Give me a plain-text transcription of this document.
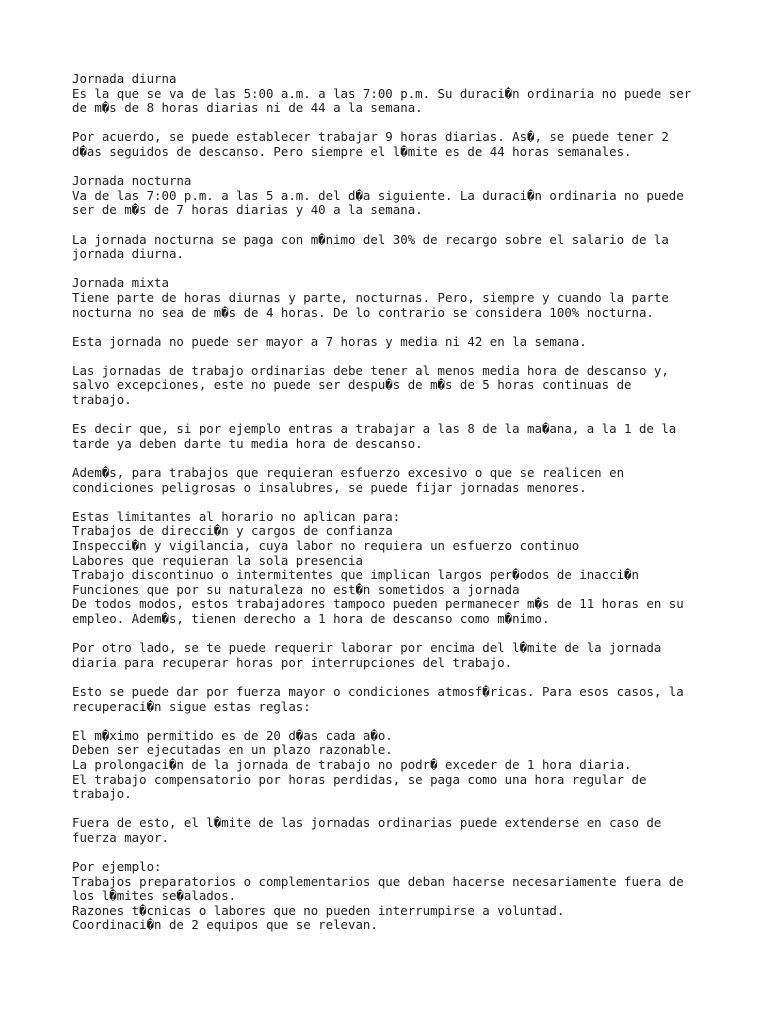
Jornada diurna
Es la que se va de las 5:00 a.m. a las 7:00 p.m. Su duraci�n ordinaria no puede ser
de m�s de 8 horas diarias ni de 44 a la semana.
Por acuerdo, se puede establecer trabajar 9 horas diarias. As�, se puede tener 2
d�as seguidos de descanso. Pero siempre el l�mite es de 44 horas semanales.
Jornada nocturna
Va de las 7:00 p.m. a las 5 a.m. del d�a siguiente. La duraci�n ordinaria no puede
ser de m�s de 7 horas diarias y 40 a la semana.
La jornada nocturna se paga con m�nimo del 30% de recargo sobre el salario de la
jornada diurna.
Jornada mixta
Tiene parte de horas diurnas y parte, nocturnas. Pero, siempre y cuando la parte
nocturna no sea de m�s de 4 horas. De lo contrario se considera 100% nocturna.
Esta jornada no puede ser mayor a 7 horas y media ni 42 en la semana.
Las jornadas de trabajo ordinarias debe tener al menos media hora de descanso y,
salvo excepciones, este no puede ser despu�s de m�s de 5 horas continuas de
trabajo.
Es decir que, si por ejemplo entras a trabajar a las 8 de la ma�ana, a la 1 de la
tarde ya deben darte tu media hora de descanso.
Adem�s, para trabajos que requieran esfuerzo excesivo o que se realicen en
condiciones peligrosas o insalubres, se puede fijar jornadas menores.
Estas limitantes al horario no aplican para:
Trabajos de direcci�n y cargos de confianza
Inspecci�n y vigilancia, cuya labor no requiera un esfuerzo continuo
Labores que requieran la sola presencia
Trabajo discontinuo o intermitentes que implican largos per�odos de inacci�n
Funciones que por su naturaleza no est�n sometidos a jornada
De todos modos, estos trabajadores tampoco pueden permanecer m�s de 11 horas en su
empleo. Adem�s, tienen derecho a 1 hora de descanso como m�nimo.
Por otro lado, se te puede requerir laborar por encima del l�mite de la jornada
diaria para recuperar horas por interrupciones del trabajo.
Esto se puede dar por fuerza mayor o condiciones atmosf�ricas. Para esos casos, la
recuperaci�n sigue estas reglas:
El m�ximo permitido es de 20 d�as cada a�o.
Deben ser ejecutadas en un plazo razonable.
La prolongaci�n de la jornada de trabajo no podr� exceder de 1 hora diaria.
El trabajo compensatorio por horas perdidas, se paga como una hora regular de
trabajo.
Fuera de esto, el l�mite de las jornadas ordinarias puede extenderse en caso de
fuerza mayor.
Por ejemplo:
Trabajos preparatorios o complementarios que deban hacerse necesariamente fuera de
los l�mites se�alados.
Razones t�cnicas o labores que no pueden interrumpirse a voluntad.
Coordinaci�n de 2 equipos que se relevan.
